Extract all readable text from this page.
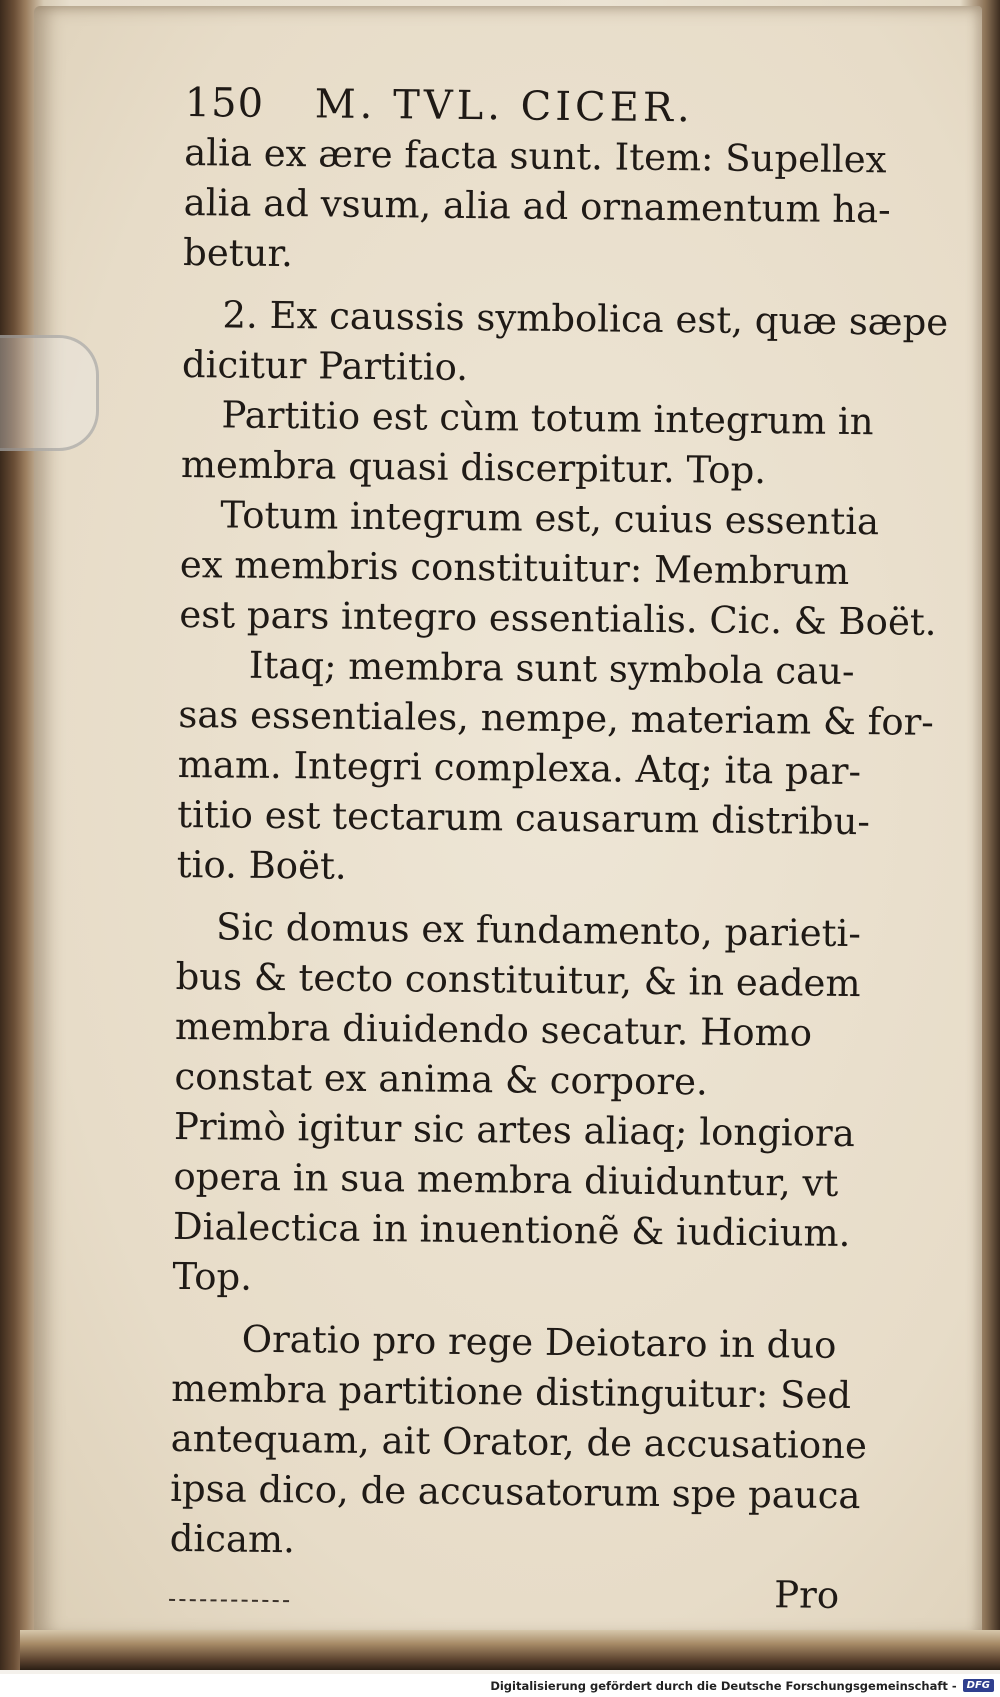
150	M. TVL. CICER.
alia ex ære facta sunt. Item: Supellex
alia ad vsum, alia ad ornamentum ha-
betur.
2. Ex caussis symbolica est, quæ sæpe
dicitur Partitio.
Partitio est cùm totum integrum in
membra quasi discerpitur. Top.
Totum integrum est, cuius essentia
ex membris constituitur: Membrum
est pars integro essentialis. Cic. & Boët.
Itaq; membra sunt symbola cau-
sas essentiales, nempe, materiam & for-
mam. Integri complexa. Atq; ita par-
titio est tectarum causarum distribu-
tio. Boët.
Sic domus ex fundamento, parieti-
bus & tecto constituitur, & in eadem
membra diuidendo secatur. Homo
constat ex anima & corpore.
Primò igitur sic artes aliaq; longiora
opera in sua membra diuiduntur, vt
Dialectica in inuentionẽ & iudicium.
Top.
Oratio pro rege Deiotaro in duo
membra partitione distinguitur: Sed
antequam, ait Orator, de accusatione
ipsa dico, de accusatorum spe pauca
dicam.
Pro
Digitalisierung gefördert durch die Deutsche Forschungsgemeinschaft -	DFG
